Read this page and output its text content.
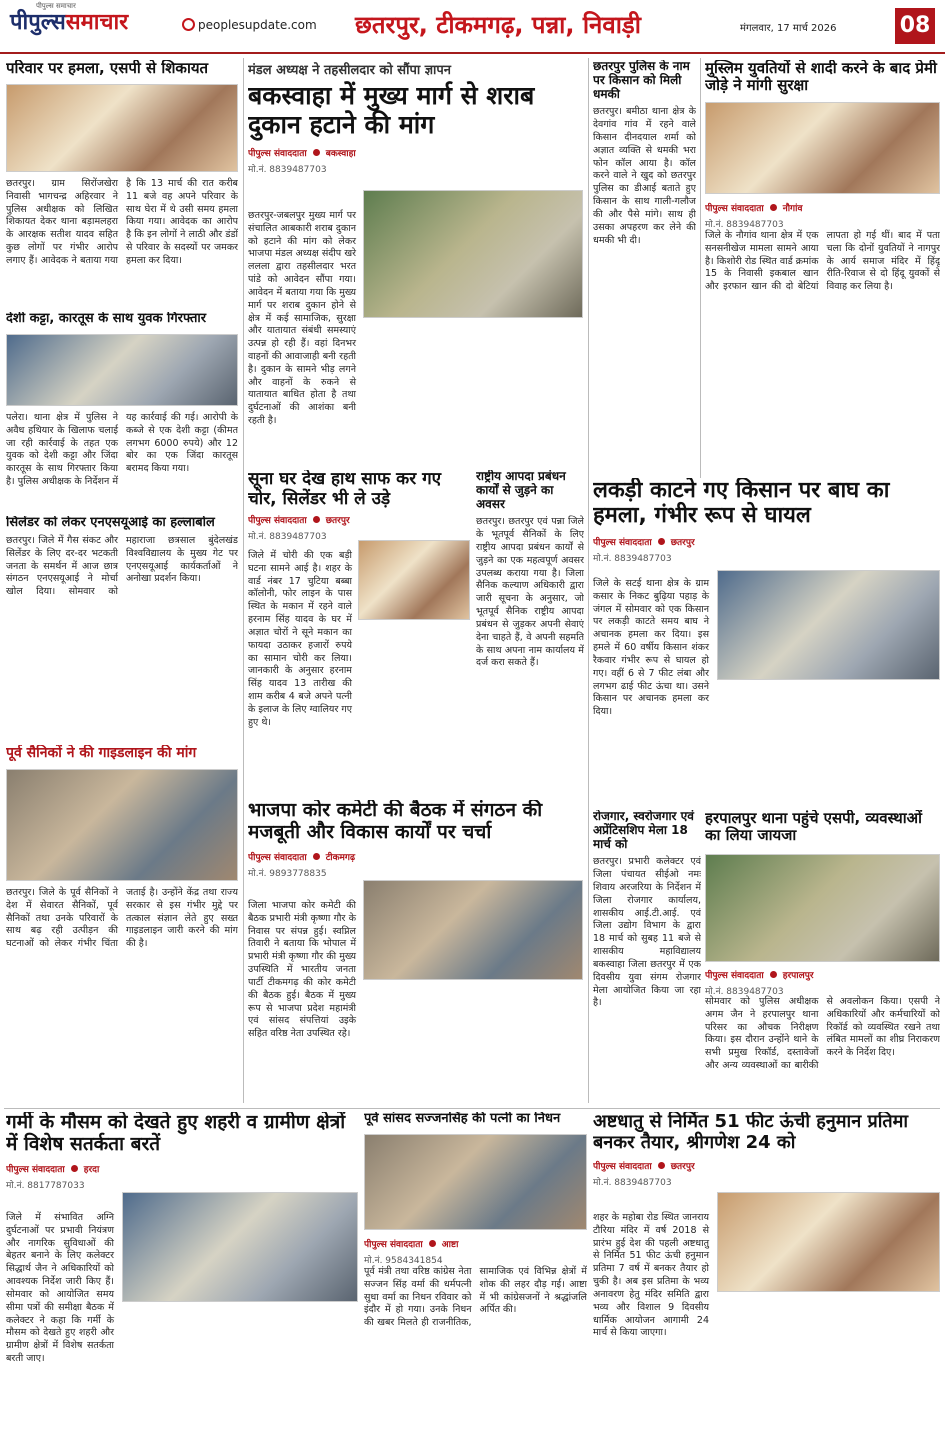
पीपुल्स समाचार
पीपुल्ससमाचार	peoplesupdate.com छतरपुर, टीकमगढ़, पन्ना, निवाड़ी	मंगलवार, 17 मार्च 2026	08
परिवार पर हमला, एसपी से शिकायत
छतरपुर। ग्राम सिरोंजखेरा निवासी भागचन्द्र अहिरवार ने पुलिस अधीक्षक को लिखित शिकायत देकर थाना बड़ामलहरा के आरक्षक सतीश यादव सहित कुछ लोगों पर गंभीर आरोप लगाए हैं। आवेदक ने बताया गया है कि 13 मार्च की रात करीब 11 बजे वह अपने परिवार के साथ घेरा में थे उसी समय हमला किया गया। आवेदक का आरोप है कि इन लोगों ने लाठी और डंडों से परिवार के सदस्यों पर जमकर हमला कर दिया।
देशी कट्टा, कारतूस के साथ युवक गिरफ्तार
पलेरा। थाना क्षेत्र में पुलिस ने अवैध हथियार के खिलाफ चलाई जा रही कार्रवाई के तहत एक युवक को देशी कट्टा और जिंदा कारतूस के साथ गिरफ्तार किया है। पुलिस अधीक्षक के निर्देशन में यह कार्रवाई की गई। आरोपी के कब्जे से एक देशी कट्टा (कीमत लगभग 6000 रुपये) और 12 बोर का एक जिंदा कारतूस बरामद किया गया।
सिलेंडर को लेकर एनएसयूआई का हल्लाबोल
छतरपुर। जिले में गैस संकट और सिलेंडर के लिए दर-दर भटकती जनता के समर्थन में आज छात्र संगठन एनएसयूआई ने मोर्चा खोल दिया। सोमवार को महाराजा छत्रसाल बुंदेलखंड विश्वविद्यालय के मुख्य गेट पर एनएसयूआई कार्यकर्ताओं ने अनोखा प्रदर्शन किया।
पूर्व सैनिकों ने की गाइडलाइन की मांग
छतरपुर। जिले के पूर्व सैनिकों ने देश में सेवारत सैनिकों, पूर्व सैनिकों तथा उनके परिवारों के साथ बढ़ रही उत्पीड़न की घटनाओं को लेकर गंभीर चिंता जताई है। उन्होंने केंद्र तथा राज्य सरकार से इस गंभीर मुद्दे पर तत्काल संज्ञान लेते हुए सख्त गाइडलाइन जारी करने की मांग की है।
मंडल अध्यक्ष ने तहसीलदार को सौंपा ज्ञापन
बकस्वाहा में मुख्य मार्ग से शराब दुकान हटाने की मांग
पीपुल्स संवाददाता बकस्वाहा
मो.नं. 8839487703
छतरपुर-जबलपुर मुख्य मार्ग पर संचालित आबकारी शराब दुकान को हटाने की मांग को लेकर भाजपा मंडल अध्यक्ष संदीप खरे ललला द्वारा तहसीलदार भरत पांडे को आवेदन सौंपा गया। आवेदन में बताया गया कि मुख्य मार्ग पर शराब दुकान होने से क्षेत्र में कई सामाजिक, सुरक्षा और यातायात संबंधी समस्याएं उत्पन्न हो रही हैं। वहां दिनभर वाहनों की आवाजाही बनी रहती है। दुकान के सामने भीड़ लगने और वाहनों के रुकने से यातायात बाधित होता है तथा दुर्घटनाओं की आशंका बनी रहती है।
छतरपुर पुलिस के नाम पर किसान को मिली धमकी
छतरपुर। बमीठा थाना क्षेत्र के देवगांव गांव में रहने वाले किसान दीनदयाल शर्मा को अज्ञात व्यक्ति से धमकी भरा फोन कॉल आया है। कॉल करने वाले ने खुद को छतरपुर पुलिस का डीआई बताते हुए किसान के साथ गाली-गलौज की और पैसे मांगे। साथ ही उसका अपहरण कर लेने की धमकी भी दी।
मुस्लिम युवतियों से शादी करने के बाद प्रेमी जोड़े ने मांगी सुरक्षा
पीपुल्स संवाददाता नौगांव
मो.नं. 8839487703
जिले के नौगांव थाना क्षेत्र में एक सनसनीखेज मामला सामने आया है। किशोरी रोड स्थित वार्ड क्रमांक 15 के निवासी इकबाल खान और इरफान खान की दो बेटियां लापता हो गई थीं। बाद में पता चला कि दोनों युवतियों ने नागपुर के आर्य समाज मंदिर में हिंदू रीति-रिवाज से दो हिंदू युवकों से विवाह कर लिया है।
सूना घर देख हाथ साफ कर गए चोर, सिलेंडर भी ले उड़े
पीपुल्स संवाददाता छतरपुर
मो.नं. 8839487703
जिले में चोरी की एक बड़ी घटना सामने आई है। शहर के वार्ड नंबर 17 चुटिया बब्बा कॉलोनी, फोर लाइन के पास स्थित के मकान में रहने वाले हरनाम सिंह यादव के घर में अज्ञात चोरों ने सूने मकान का फायदा उठाकर हजारों रुपये का सामान चोरी कर लिया। जानकारी के अनुसार हरनाम सिंह यादव 13 तारीख की शाम करीब 4 बजे अपने पत्नी के इलाज के लिए ग्वालियर गए हुए थे।
राष्ट्रीय आपदा प्रबंधन कार्यों से जुड़ने का अवसर
छतरपुर। छतरपुर एवं पन्ना जिले के भूतपूर्व सैनिकों के लिए राष्ट्रीय आपदा प्रबंधन कार्यों से जुड़ने का एक महत्वपूर्ण अवसर उपलब्ध कराया गया है। जिला सैनिक कल्याण अधिकारी द्वारा जारी सूचना के अनुसार, जो भूतपूर्व सैनिक राष्ट्रीय आपदा प्रबंधन से जुड़कर अपनी सेवाएं देना चाहते हैं, वे अपनी सहमति के साथ अपना नाम कार्यालय में दर्ज करा सकते हैं।
लकड़ी काटने गए किसान पर बाघ का हमला, गंभीर रूप से घायल
पीपुल्स संवाददाता छतरपुर
मो.नं. 8839487703
जिले के सटई थाना क्षेत्र के ग्राम कसार के निकट बुढ़िया पहाड़ के जंगल में सोमवार को एक किसान पर लकड़ी काटते समय बाघ ने अचानक हमला कर दिया। इस हमले में 60 वर्षीय किसान शंकर रैकवार गंभीर रूप से घायल हो गए। वहीं 6 से 7 फीट लंबा और लगभग ढाई फीट ऊंचा था। उसने किसान पर अचानक हमला कर दिया।
भाजपा कोर कमेटी की बैठक में संगठन की मजबूती और विकास कार्यों पर चर्चा
पीपुल्स संवाददाता टीकमगढ़
मो.नं. 9893778835
जिला भाजपा कोर कमेटी की बैठक प्रभारी मंत्री कृष्णा गौर के निवास पर संपन्न हुई। स्वप्निल तिवारी ने बताया कि भोपाल में प्रभारी मंत्री कृष्णा गौर की मुख्य उपस्थिति में भारतीय जनता पार्टी टीकमगढ़ की कोर कमेटी की बैठक हुई। बैठक में मुख्य रूप से भाजपा प्रदेश महामंत्री एवं सांसद संपत्तियां उइके सहित वरिष्ठ नेता उपस्थित रहे।
रोजगार, स्वरोजगार एवं अप्रेंटिसशिप मेला 18 मार्च को
छतरपुर। प्रभारी कलेक्टर एवं जिला पंचायत सीईओ नमः शिवाय अरजरिया के निर्देशन में जिला रोजगार कार्यालय, शासकीय आई.टी.आई. एवं जिला उद्योग विभाग के द्वारा 18 मार्च को सुबह 11 बजे से शासकीय महाविद्यालय बकस्वाहा जिला छतरपुर में एक दिवसीय युवा संगम रोजगार मेला आयोजित किया जा रहा है।
हरपालपुर थाना पहुंचे एसपी, व्यवस्थाओं का लिया जायजा
पीपुल्स संवाददाता हरपालपुर
मो.नं. 8839487703
सोमवार को पुलिस अधीक्षक अगम जैन ने हरपालपुर थाना परिसर का औचक निरीक्षण किया। इस दौरान उन्होंने थाने के सभी प्रमुख रिकॉर्ड, दस्तावेजों और अन्य व्यवस्थाओं का बारीकी से अवलोकन किया। एसपी ने अधिकारियों और कर्मचारियों को रिकॉर्ड को व्यवस्थित रखने तथा लंबित मामलों का शीघ्र निराकरण करने के निर्देश दिए।
गर्मी के मौसम को देखते हुए शहरी व ग्रामीण क्षेत्रों में विशेष सतर्कता बरतें
पीपुल्स संवाददाता हरदा
मो.नं. 8817787033
जिले में संभावित अग्नि दुर्घटनाओं पर प्रभावी नियंत्रण और नागरिक सुविधाओं की बेहतर बनाने के लिए कलेक्टर सिद्धार्थ जैन ने अधिकारियों को आवश्यक निर्देश जारी किए हैं। सोमवार को आयोजित समय सीमा पत्रों की समीक्षा बैठक में कलेक्टर ने कहा कि गर्मी के मौसम को देखते हुए शहरी और ग्रामीण क्षेत्रों में विशेष सतर्कता बरती जाए।
पूर्व सांसद सज्जनसिंह की पत्नी का निधन
पीपुल्स संवाददाता आष्टा
मो.नं. 9584341854
पूर्व मंत्री तथा वरिष्ठ कांग्रेस नेता सज्जन सिंह वर्मा की धर्मपत्नी सुधा वर्मा का निधन रविवार को इंदौर में हो गया। उनके निधन की खबर मिलते ही राजनीतिक, सामाजिक एवं विभिन्न क्षेत्रों में शोक की लहर दौड़ गई। आष्टा में भी कांग्रेसजनों ने श्रद्धांजलि अर्पित की।
अष्टधातु से निर्मित 51 फीट ऊंची हनुमान प्रतिमा बनकर तैयार, श्रीगणेश 24 को
पीपुल्स संवाददाता छतरपुर
मो.नं. 8839487703
शहर के महोबा रोड स्थित जानराय टौरिया मंदिर में वर्ष 2018 से प्रारंभ हुई देश की पहली अष्टधातु से निर्मित 51 फीट ऊंची हनुमान प्रतिमा 7 वर्ष में बनकर तैयार हो चुकी है। अब इस प्रतिमा के भव्य अनावरण हेतु मंदिर समिति द्वारा भव्य और विशाल 9 दिवसीय धार्मिक आयोजन आगामी 24 मार्च से किया जाएगा।
